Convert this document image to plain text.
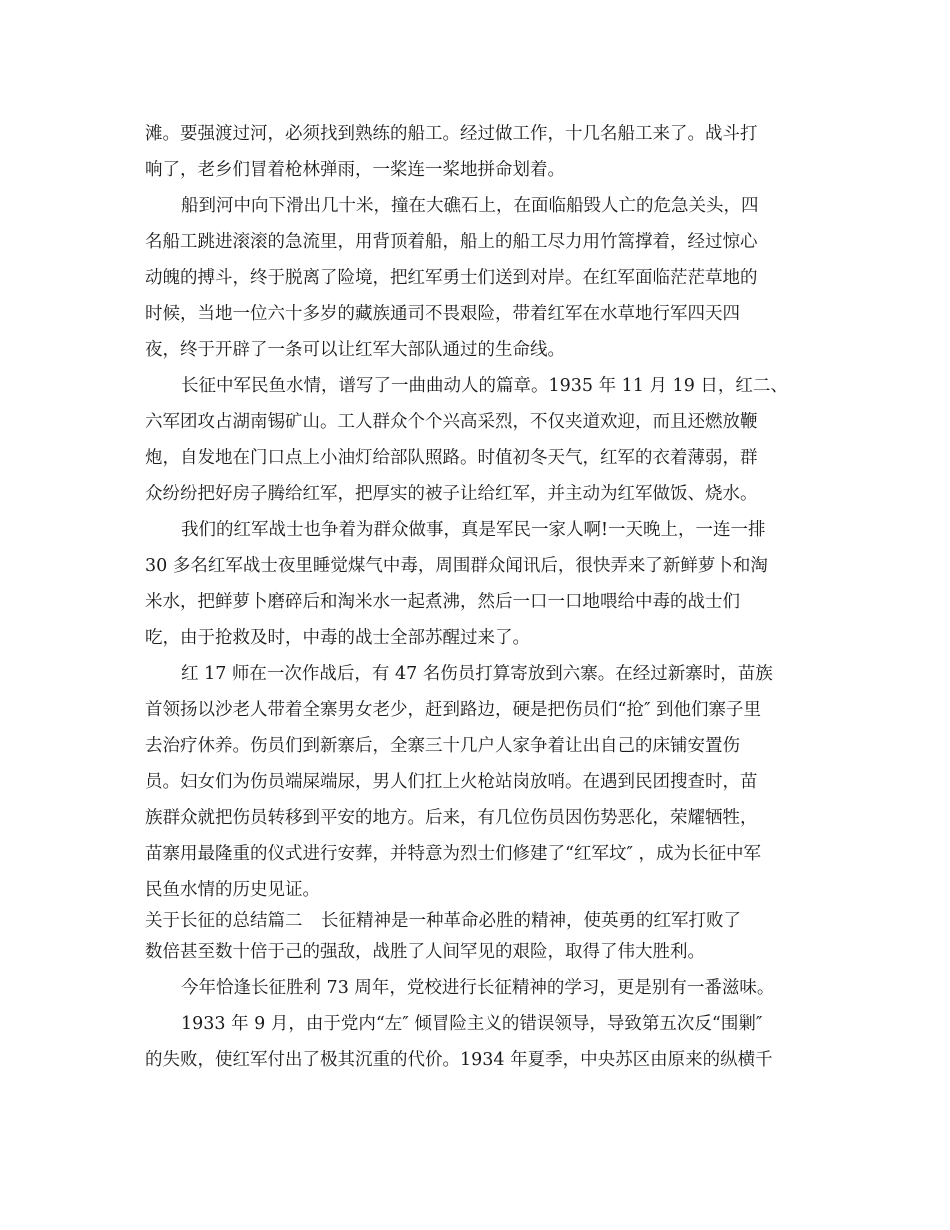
滩。要强渡过河，必须找到熟练的船工。经过做工作，十几名船工来了。战斗打
响了，老乡们冒着枪林弹雨，一桨连一桨地拼命划着。
船到河中向下滑出几十米，撞在大礁石上，在面临船毁人亡的危急关头，四
名船工跳进滚滚的急流里，用背顶着船，船上的船工尽力用竹篙撑着，经过惊心
动魄的搏斗，终于脱离了险境，把红军勇士们送到对岸。在红军面临茫茫草地的
时候，当地一位六十多岁的藏族通司不畏艰险，带着红军在水草地行军四天四
夜，终于开辟了一条可以让红军大部队通过的生命线。
长征中军民鱼水情，谱写了一曲曲动人的篇章。1935 年 11 月 19 日，红二、
六军团攻占湖南锡矿山。工人群众个个兴高采烈，不仅夹道欢迎，而且还燃放鞭
炮，自发地在门口点上小油灯给部队照路。时值初冬天气，红军的衣着薄弱，群
众纷纷把好房子腾给红军，把厚实的被子让给红军，并主动为红军做饭、烧水。
我们的红军战士也争着为群众做事，真是军民一家人啊!一天晚上，一连一排
30 多名红军战士夜里睡觉煤气中毒，周围群众闻讯后，很快弄来了新鲜萝卜和淘
米水，把鲜萝卜磨碎后和淘米水一起煮沸，然后一口一口地喂给中毒的战士们
吃，由于抢救及时，中毒的战士全部苏醒过来了。
红 17 师在一次作战后，有 47 名伤员打算寄放到六寨。在经过新寨时，苗族
首领扬以沙老人带着全寨男女老少，赶到路边，硬是把伤员们“抢″ 到他们寨子里
去治疗休养。伤员们到新寨后，全寨三十几户人家争着让出自己的床铺安置伤
员。妇女们为伤员端屎端尿，男人们扛上火枪站岗放哨。在遇到民团搜查时，苗
族群众就把伤员转移到平安的地方。后来，有几位伤员因伤势恶化，荣耀牺牲，
苗寨用最隆重的仪式进行安葬，并特意为烈士们修建了“红军坟″ ，成为长征中军
民鱼水情的历史见证。
关于长征的总结篇二 长征精神是一种革命必胜的精神，使英勇的红军打败了
数倍甚至数十倍于己的强敌，战胜了人间罕见的艰险，取得了伟大胜利。
今年恰逢长征胜利 73 周年，党校进行长征精神的学习，更是别有一番滋味。
1933 年 9 月，由于党内“左″ 倾冒险主义的错误领导，导致第五次反“围剿″
的失败，使红军付出了极其沉重的代价。1934 年夏季，中央苏区由原来的纵横千
